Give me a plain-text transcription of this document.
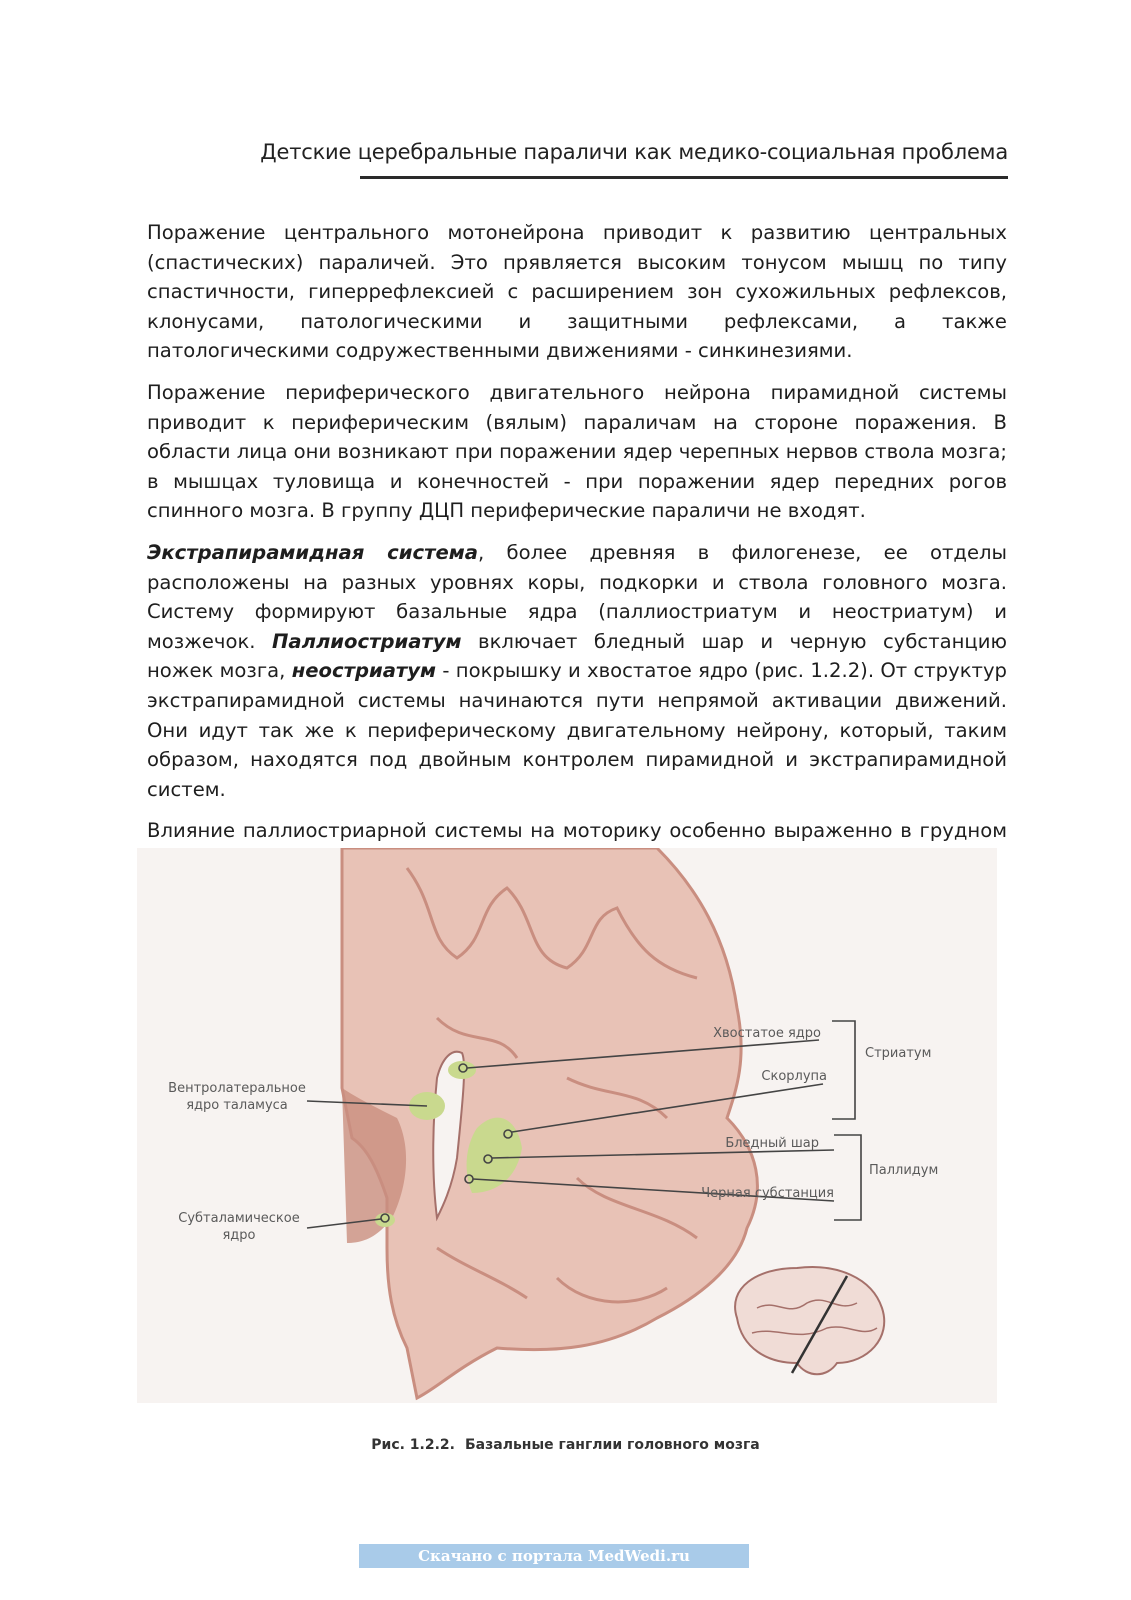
Детские церебральные параличи как медико-социальная проблема

Поражение центрального мотонейрона приводит к развитию центральных (спастических) параличей. Это прявляется высоким тонусом мышц по типу спастичности, гиперрефлексией с расширением зон сухожильных рефлексов, клонусами, патологическими и защитными рефлексами, а также патологическими содружественными движениями - синкинезиями.

Поражение периферического двигательного нейрона пирамидной системы приводит к периферическим (вялым) параличам на стороне поражения. В области лица они возникают при поражении ядер черепных нервов ствола мозга; в мышцах туловища и конечностей - при поражении ядер передних рогов спинного мозга. В группу ДЦП периферические параличи не входят.

Экстрапирамидная система, более древняя в филогенезе, ее отделы расположены на разных уровнях коры, подкорки и ствола головного мозга. Систему формируют базальные ядра (паллиостриатум и неостриатум) и мозжечок. Паллиостриатум включает бледный шар и черную субстанцию ножек мозга, неостриатум - покрышку и хвостатое ядро (рис. 1.2.2). От структур экстрапирамидной системы начинаются пути непрямой активации движений. Они идут так же к периферическому двигательному нейрону, который, таким образом, находятся под двойным контролем пирамидной и экстрапирамидной систем.

Влияние паллиостриарной системы на моторику особенно выраженно в грудном

Хвостатое ядро
Скорлупа
Стриатум
Вентролатеральное
ядро таламуса
Бледный шар
Паллидум
Черная субстанция
Субталамическое
ядро
Рис. 1.2.2. Базальные ганглии головного мозга
Скачано с портала MedWedi.ru
